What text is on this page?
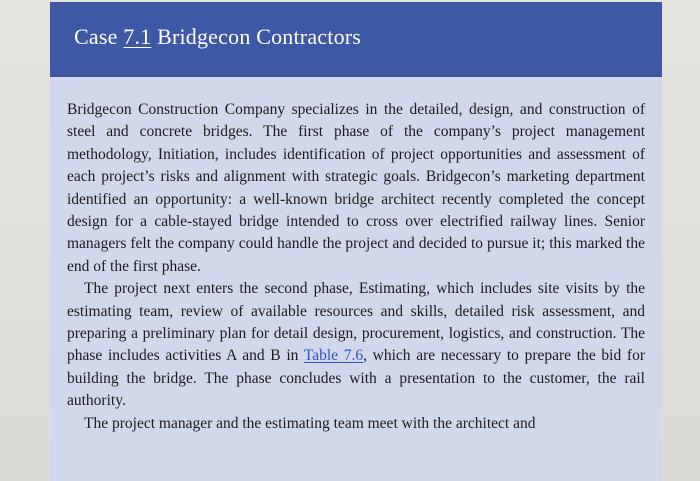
Case 7.1 Bridgecon Contractors

Bridgecon Construction Company specializes in the detailed, design, and construction of steel and concrete bridges. The first phase of the company’s project management methodology, Initiation, includes identification of project opportunities and assessment of each project’s risks and alignment with strategic goals. Bridgecon’s marketing department identified an opportunity: a well-known bridge architect recently completed the concept design for a cable-stayed bridge intended to cross over electrified railway lines. Senior managers felt the company could handle the project and decided to pursue it; this marked the end of the first phase.

The project next enters the second phase, Estimating, which includes site visits by the estimating team, review of available resources and skills, detailed risk assessment, and preparing a preliminary plan for detail design, procurement, logistics, and construction. The phase includes activities A and B in Table 7.6, which are necessary to prepare the bid for building the bridge. The phase concludes with a presentation to the customer, the rail authority.

The project manager and the estimating team meet with the architect and
